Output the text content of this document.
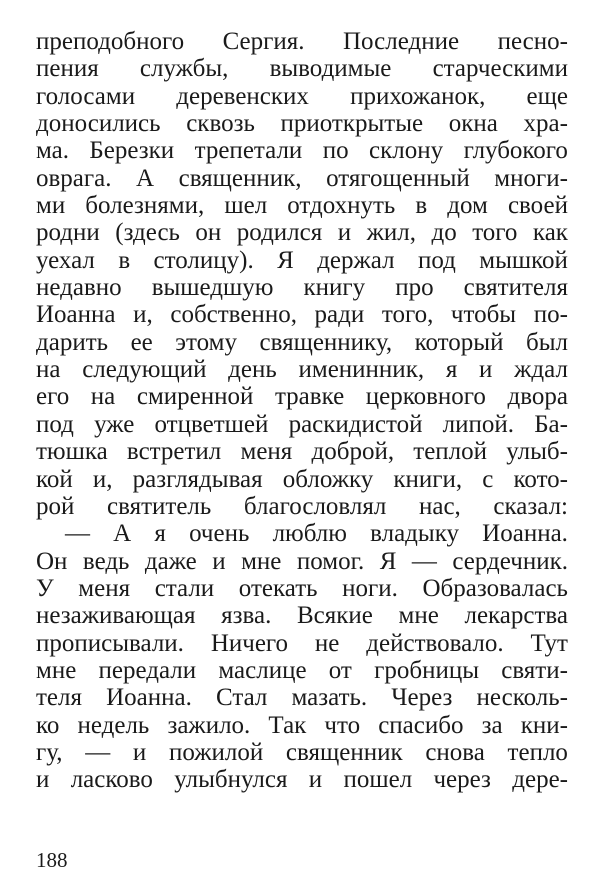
преподобного Сергия. Последние песно-
пения службы, выводимые старческими
голосами деревенских прихожанок, еще
доносились сквозь приоткрытые окна хра-
ма. Березки трепетали по склону глубокого
оврага. А священник, отягощенный многи-
ми болезнями, шел отдохнуть в дом своей
родни (здесь он родился и жил, до того как
уехал в столицу). Я держал под мышкой
недавно вышедшую книгу про святителя
Иоанна и, собственно, ради того, чтобы по-
дарить ее этому священнику, который был
на следующий день именинник, я и ждал
его на смиренной травке церковного двора
под уже отцветшей раскидистой липой. Ба-
тюшка встретил меня доброй, теплой улыб-
кой и, разглядывая обложку книги, с кото-
рой святитель благословлял нас, сказал:
— А я очень люблю владыку Иоанна.
Он ведь даже и мне помог. Я — сердечник.
У меня стали отекать ноги. Образовалась
незаживающая язва. Всякие мне лекарства
прописывали. Ничего не действовало. Тут
мне передали маслице от гробницы святи-
теля Иоанна. Стал мазать. Через несколь-
ко недель зажило. Так что спасибо за кни-
гу, — и пожилой священник снова тепло
и ласково улыбнулся и пошел через дере-
188
